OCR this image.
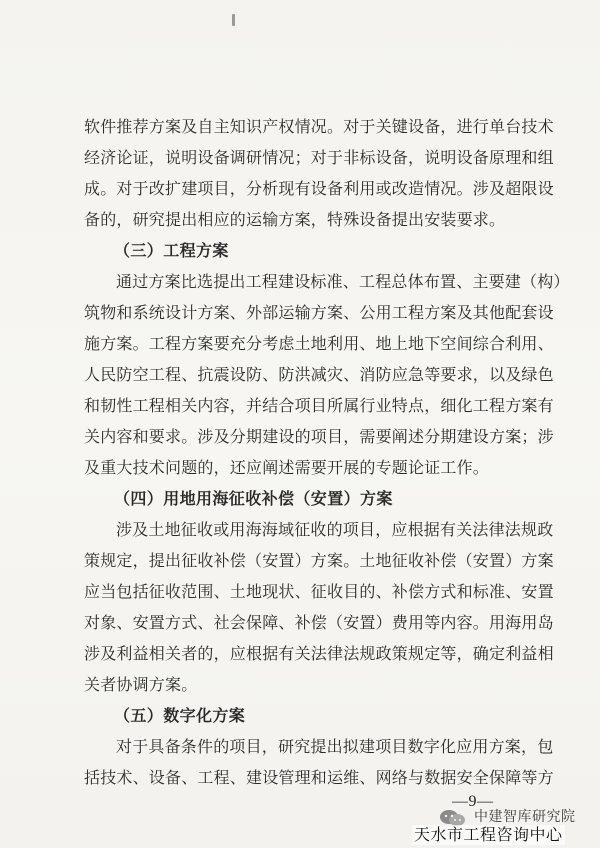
软件推荐方案及自主知识产权情况。对于关键设备，进行单台技术
经济论证，说明设备调研情况；对于非标设备，说明设备原理和组
成。对于改扩建项目，分析现有设备利用或改造情况。涉及超限设
备的，研究提出相应的运输方案，特殊设备提出安装要求。
（三）工程方案
通过方案比选提出工程建设标准、工程总体布置、主要建（构）
筑物和系统设计方案、外部运输方案、公用工程方案及其他配套设
施方案。工程方案要充分考虑土地利用、地上地下空间综合利用、
人民防空工程、抗震设防、防洪减灾、消防应急等要求，以及绿色
和韧性工程相关内容，并结合项目所属行业特点，细化工程方案有
关内容和要求。涉及分期建设的项目，需要阐述分期建设方案；涉
及重大技术问题的，还应阐述需要开展的专题论证工作。
（四）用地用海征收补偿（安置）方案
涉及土地征收或用海海域征收的项目，应根据有关法律法规政
策规定，提出征收补偿（安置）方案。土地征收补偿（安置）方案
应当包括征收范围、土地现状、征收目的、补偿方式和标准、安置
对象、安置方式、社会保障、补偿（安置）费用等内容。用海用岛
涉及利益相关者的，应根据有关法律法规政策规定等，确定利益相
关者协调方案。
（五）数字化方案
对于具备条件的项目，研究提出拟建项目数字化应用方案，包
括技术、设备、工程、建设管理和运维、网络与数据安全保障等方
—9—
中建智库研究院
天水市工程咨询中心
